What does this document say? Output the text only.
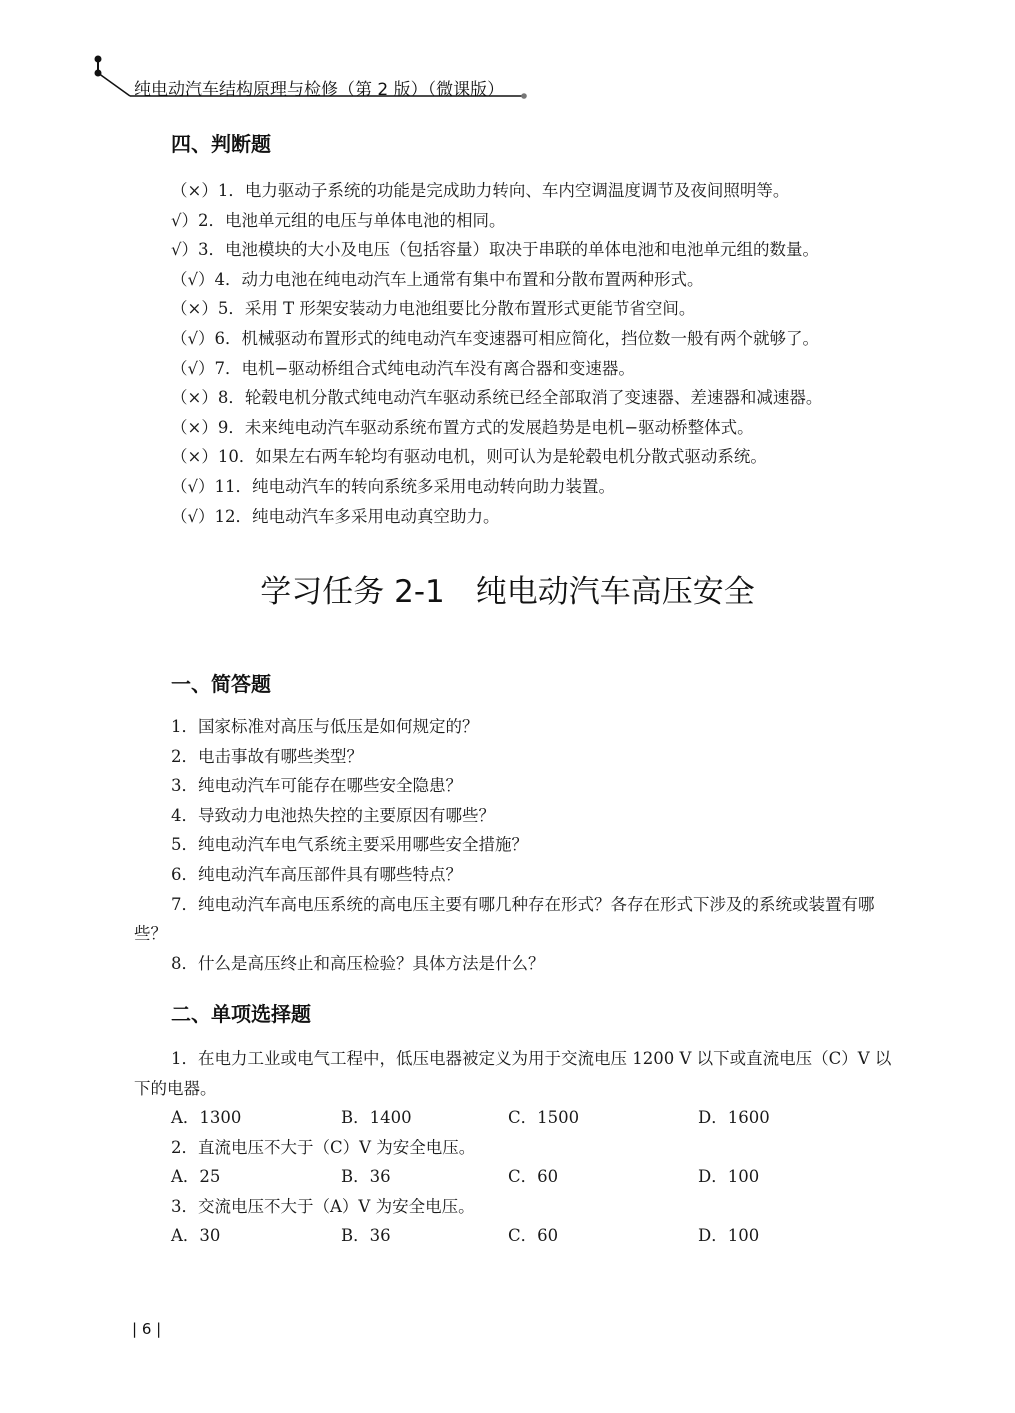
纯电动汽车结构原理与检修（第 2 版）（微课版）
四、判断题
（×）1．电力驱动子系统的功能是完成助力转向、车内空调温度调节及夜间照明等。
√）2．电池单元组的电压与单体电池的相同。
√）3．电池模块的大小及电压（包括容量）取决于串联的单体电池和电池单元组的数量。
（√）4．动力电池在纯电动汽车上通常有集中布置和分散布置两种形式。
（×）5．采用 T 形架安装动力电池组要比分散布置形式更能节省空间。
（√）6．机械驱动布置形式的纯电动汽车变速器可相应简化，挡位数一般有两个就够了。
（√）7．电机−驱动桥组合式纯电动汽车没有离合器和变速器。
（×）8．轮毂电机分散式纯电动汽车驱动系统已经全部取消了变速器、差速器和减速器。
（×）9．未来纯电动汽车驱动系统布置方式的发展趋势是电机−驱动桥整体式。
（×）10．如果左右两车轮均有驱动电机，则可认为是轮毂电机分散式驱动系统。
（√）11．纯电动汽车的转向系统多采用电动转向助力装置。
（√）12．纯电动汽车多采用电动真空助力。
学习任务 2-1　纯电动汽车高压安全
一、简答题
1．国家标准对高压与低压是如何规定的？
2．电击事故有哪些类型？
3．纯电动汽车可能存在哪些安全隐患？
4．导致动力电池热失控的主要原因有哪些？
5．纯电动汽车电气系统主要采用哪些安全措施？
6．纯电动汽车高压部件具有哪些特点？
7．纯电动汽车高电压系统的高电压主要有哪几种存在形式？各存在形式下涉及的系统或装置有哪些？
8．什么是高压终止和高压检验？具体方法是什么？
二、单项选择题
1．在电力工业或电气工程中，低压电器被定义为用于交流电压 1200 V 以下或直流电压（C）V 以下的电器。
A．1300	B．1400	C．1500	D．1600
2．直流电压不大于（C）V 为安全电压。
A．25	B．36	C．60	D．100
3．交流电压不大于（A）V 为安全电压。
A．30	B．36	C．60	D．100
| 6 |
